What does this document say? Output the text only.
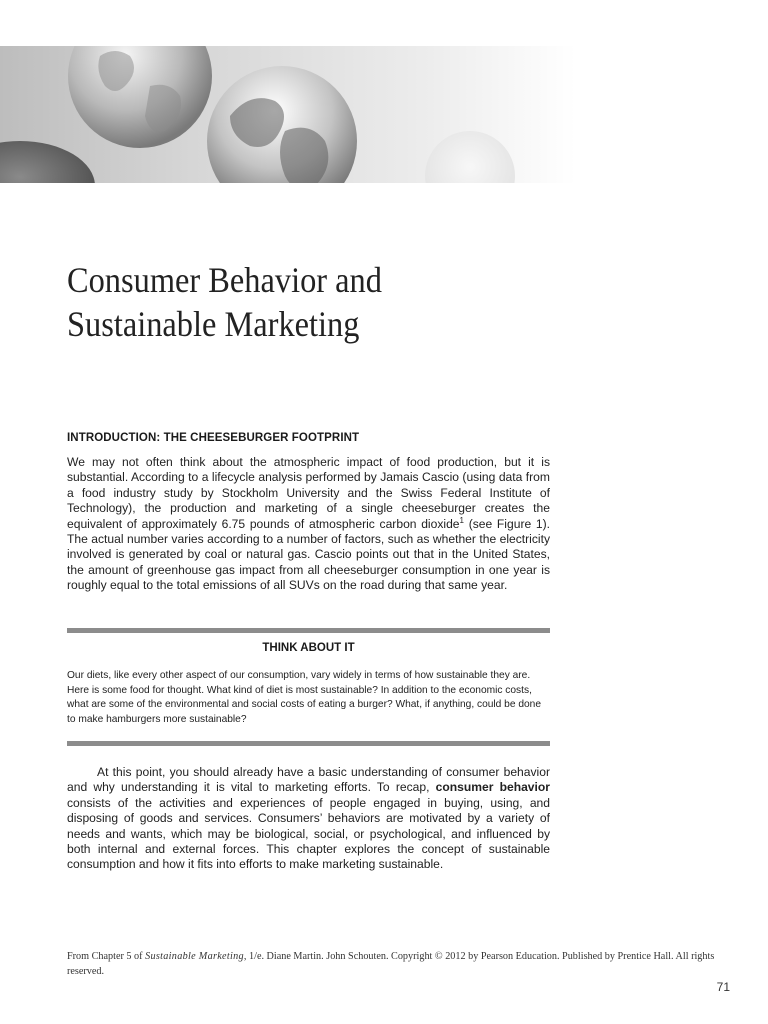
Consumer Behavior and
Sustainable Marketing
INTRODUCTION: THE CHEESEBURGER FOOTPRINT

We may not often think about the atmospheric impact of food production, but it is substantial. According to a lifecycle analysis performed by Jamais Cascio (using data from a food industry study by Stockholm University and the Swiss Federal Institute of Technology), the production and marketing of a single cheeseburger creates the equivalent of approximately 6.75 pounds of atmospheric carbon dioxide$^1$ (see Figure 1). The actual number varies according to a number of factors, such as whether the electricity involved is generated by coal or natural gas. Cascio points out that in the United States, the amount of greenhouse gas impact from all cheeseburger consumption in one year is roughly equal to the total emissions of all SUVs on the road during that same year.

THINK ABOUT IT

Our diets, like every other aspect of our consumption, vary widely in terms of how sustainable they are. Here is some food for thought. What kind of diet is most sustainable? In addition to the economic costs, what are some of the environmental and social costs of eating a burger? What, if anything, could be done to make hamburgers more sustainable?

At this point, you should already have a basic understanding of consumer behavior and why understanding it is vital to marketing efforts. To recap, consumer behavior consists of the activities and experiences of people engaged in buying, using, and disposing of goods and services. Consumers’ behaviors are motivated by a variety of needs and wants, which may be biological, social, or psychological, and influenced by both internal and external forces. This chapter explores the concept of sustainable consumption and how it fits into efforts to make marketing sustainable.

From Chapter 5 of Sustainable Marketing, 1/e. Diane Martin. John Schouten. Copyright © 2012 by Pearson Education. Published by Prentice Hall. All rights reserved.

71
